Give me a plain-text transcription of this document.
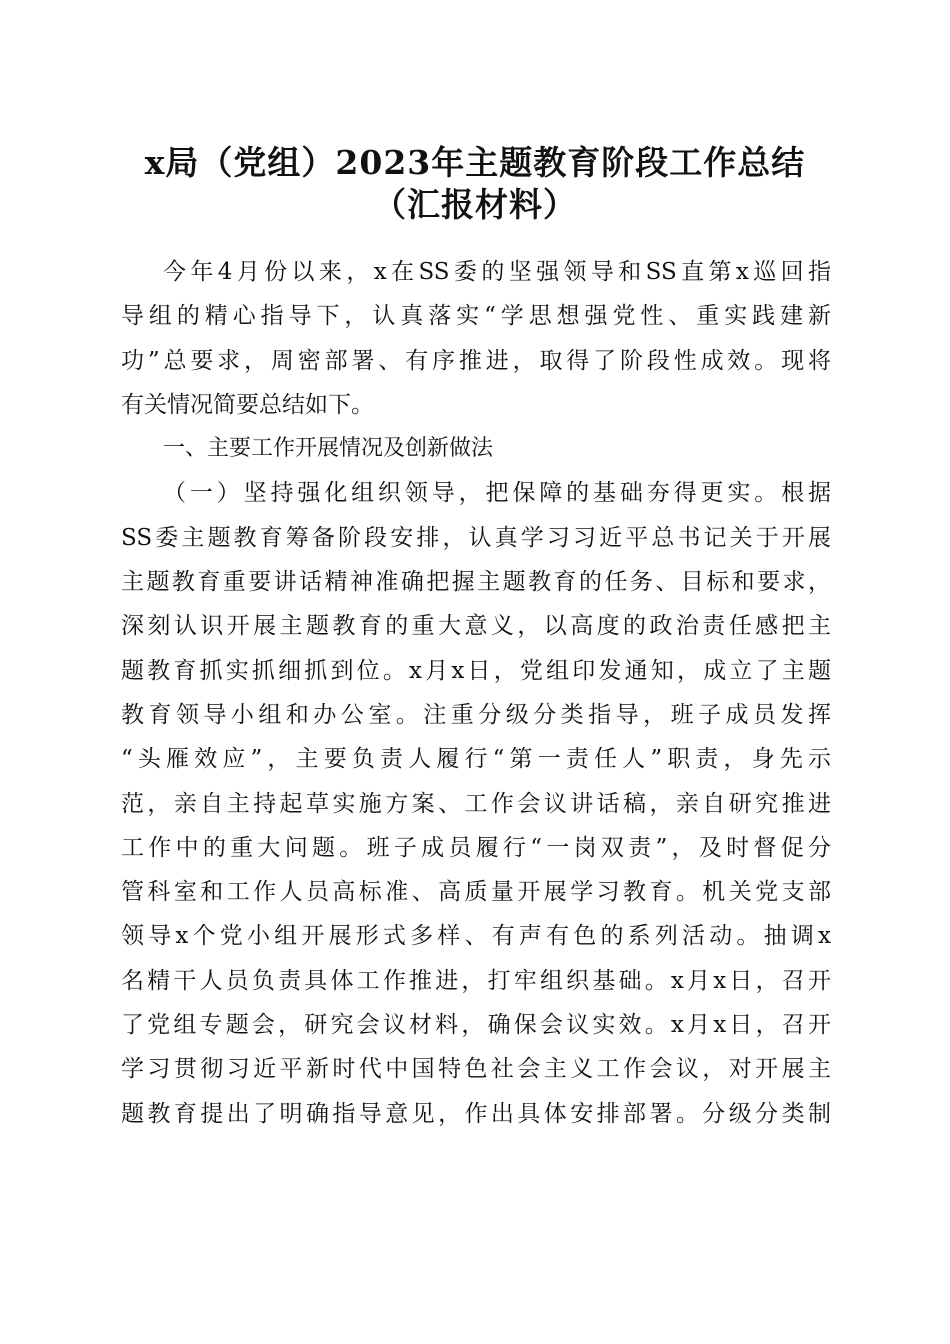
x局（党组）2023年主题教育阶段工作总结
（汇报材料）
今年4月份以来，x在SS委的坚强领导和SS直第x巡回指
导组的精心指导下，认真落实“学思想强党性、重实践建新
功”总要求，周密部署、有序推进，取得了阶段性成效。现将
有关情况简要总结如下。
一、主要工作开展情况及创新做法
（一）坚持强化组织领导，把保障的基础夯得更实。根据
SS委主题教育筹备阶段安排，认真学习习近平总书记关于开展
主题教育重要讲话精神准确把握主题教育的任务、目标和要求，
深刻认识开展主题教育的重大意义，以高度的政治责任感把主
题教育抓实抓细抓到位。x月x日，党组印发通知，成立了主题
教育领导小组和办公室。注重分级分类指导，班子成员发挥
“头雁效应”，主要负责人履行“第一责任人”职责，身先示
范，亲自主持起草实施方案、工作会议讲话稿，亲自研究推进
工作中的重大问题。班子成员履行“一岗双责”，及时督促分
管科室和工作人员高标准、高质量开展学习教育。机关党支部
领导x个党小组开展形式多样、有声有色的系列活动。抽调x
名精干人员负责具体工作推进，打牢组织基础。x月x日，召开
了党组专题会，研究会议材料，确保会议实效。x月x日，召开
学习贯彻习近平新时代中国特色社会主义工作会议，对开展主
题教育提出了明确指导意见，作出具体安排部署。分级分类制
